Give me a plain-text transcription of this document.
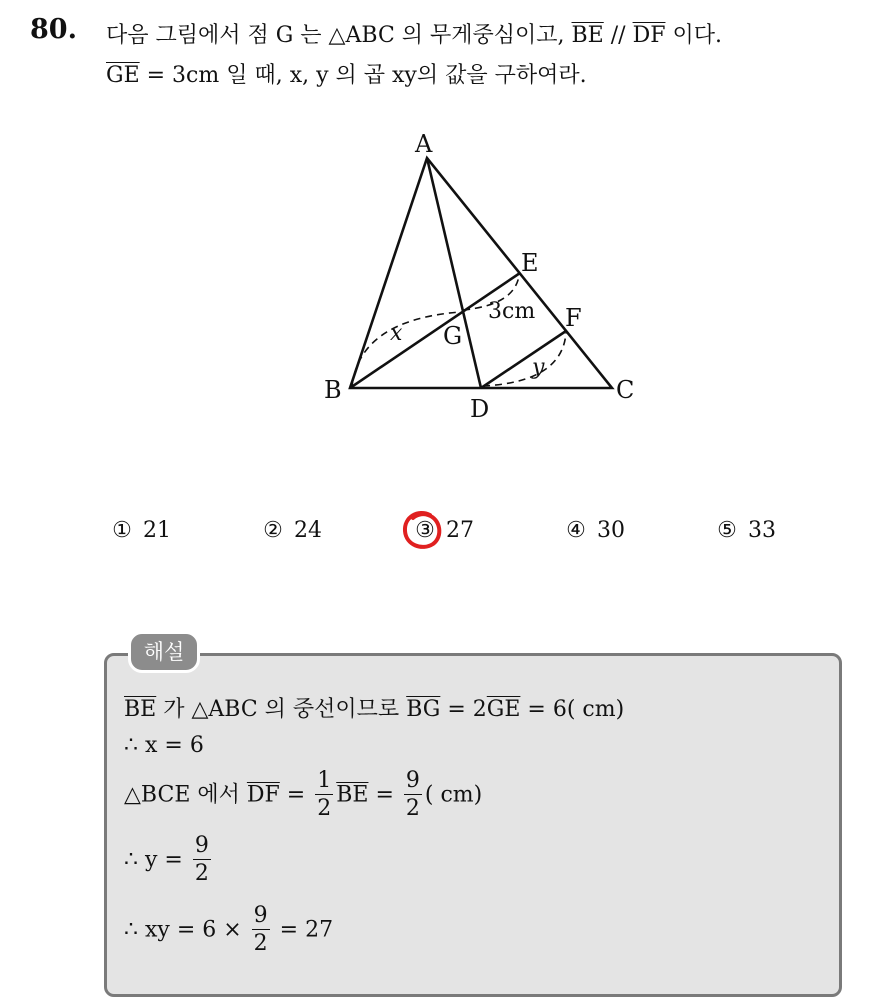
80. 다음 그림에서 점 G 는 △ABC 의 무게중심이고, $\overline{BE} // \overline{DF}$ 이다.
$\overline{GE} = 3cm$ 일 때, x, y 의 곱 xy의 값을 구하여라.
A
B	C
D
E
F
G
x
y
3cm
① 21	② 24	③ 27	④ 30	⑤ 33
해설
$\overline{BE}$ 가 △ABC 의 중선이므로 $\overline{BG} = 2\overline{GE} = 6$( cm)
∴ x = 6
△BCE 에서 $\overline{DF} = \frac{1}{2} \overline{BE} = \frac{9}{2}$ ( cm)
∴ $y = \frac{9}{2}$
∴ xy = $6 \times \frac{9}{2} = 27$
